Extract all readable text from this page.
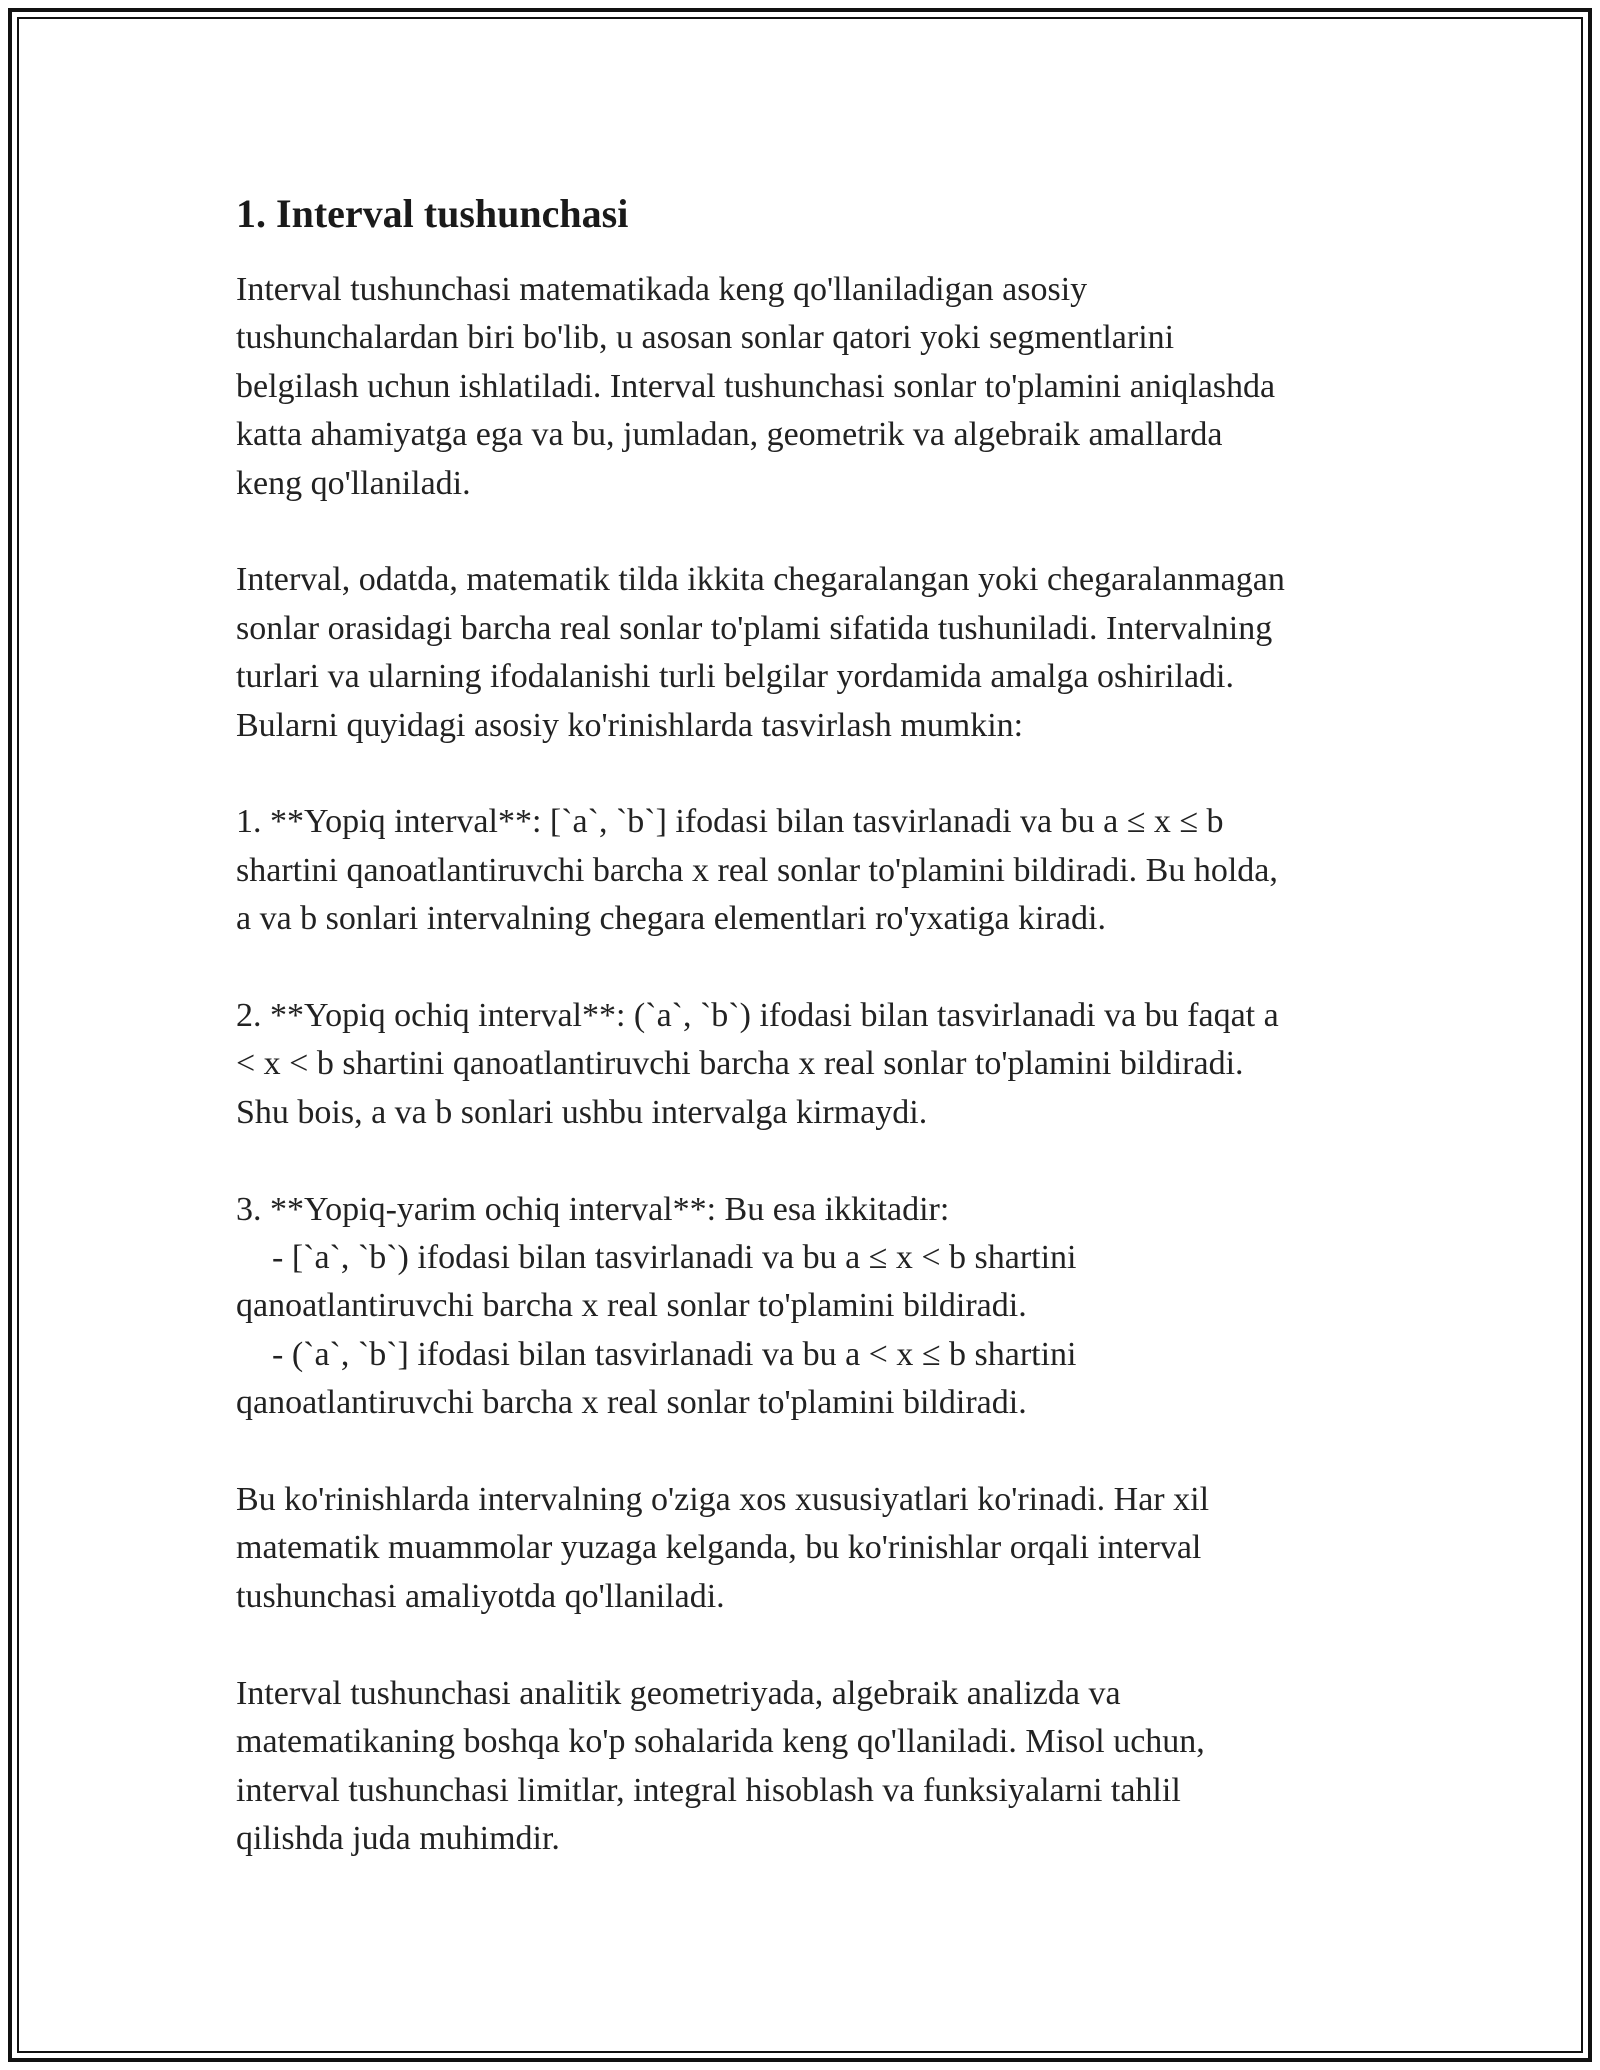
1. Interval tushunchasi

Interval tushunchasi matematikada keng qo'llaniladigan asosiy
tushunchalardan biri bo'lib, u asosan sonlar qatori yoki segmentlarini
belgilash uchun ishlatiladi. Interval tushunchasi sonlar to'plamini aniqlashda
katta ahamiyatga ega va bu, jumladan, geometrik va algebraik amallarda
keng qo'llaniladi.

Interval, odatda, matematik tilda ikkita chegaralangan yoki chegaralanmagan
sonlar orasidagi barcha real sonlar to'plami sifatida tushuniladi. Intervalning
turlari va ularning ifodalanishi turli belgilar yordamida amalga oshiriladi.
Bularni quyidagi asosiy ko'rinishlarda tasvirlash mumkin:

1. **Yopiq interval**: [`a`, `b`] ifodasi bilan tasvirlanadi va bu a ≤ x ≤ b
shartini qanoatlantiruvchi barcha x real sonlar to'plamini bildiradi. Bu holda,
a va b sonlari intervalning chegara elementlari ro'yxatiga kiradi.

2. **Yopiq ochiq interval**: (`a`, `b`) ifodasi bilan tasvirlanadi va bu faqat a
< x < b shartini qanoatlantiruvchi barcha x real sonlar to'plamini bildiradi.
Shu bois, a va b sonlari ushbu intervalga kirmaydi.

3. **Yopiq-yarim ochiq interval**: Bu esa ikkitadir:

- [`a`, `b`) ifodasi bilan tasvirlanadi va bu a ≤ x < b shartini

qanoatlantiruvchi barcha x real sonlar to'plamini bildiradi.

- (`a`, `b`] ifodasi bilan tasvirlanadi va bu a < x ≤ b shartini

qanoatlantiruvchi barcha x real sonlar to'plamini bildiradi.

Bu ko'rinishlarda intervalning o'ziga xos xususiyatlari ko'rinadi. Har xil
matematik muammolar yuzaga kelganda, bu ko'rinishlar orqali interval
tushunchasi amaliyotda qo'llaniladi.

Interval tushunchasi analitik geometriyada, algebraik analizda va
matematikaning boshqa ko'p sohalarida keng qo'llaniladi. Misol uchun,
interval tushunchasi limitlar, integral hisoblash va funksiyalarni tahlil
qilishda juda muhimdir.
